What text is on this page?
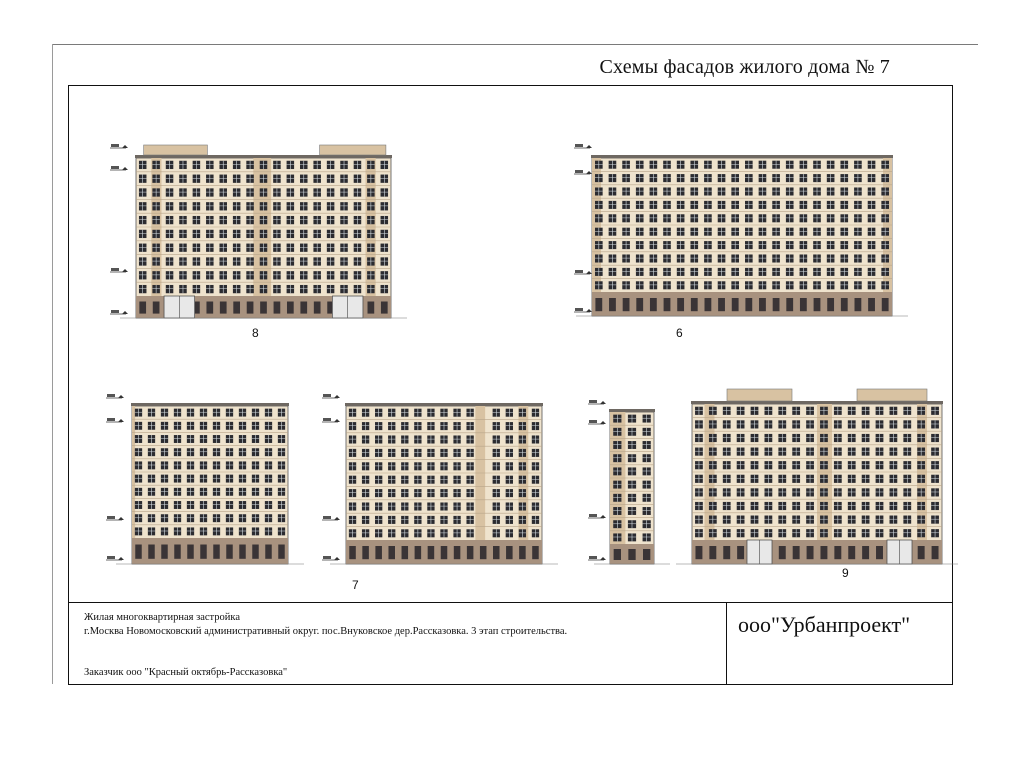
Схемы фасадов жилого дома № 7
8	6
7
9
Жилая многоквартирная застройка
г.Москва Новомосковский административный округ. пос.Внуковское дер.Рассказовка. 3 этап строительства.
Заказчик ооо "Красный октябрь-Рассказовка"
ооо"Урбанпроект"
